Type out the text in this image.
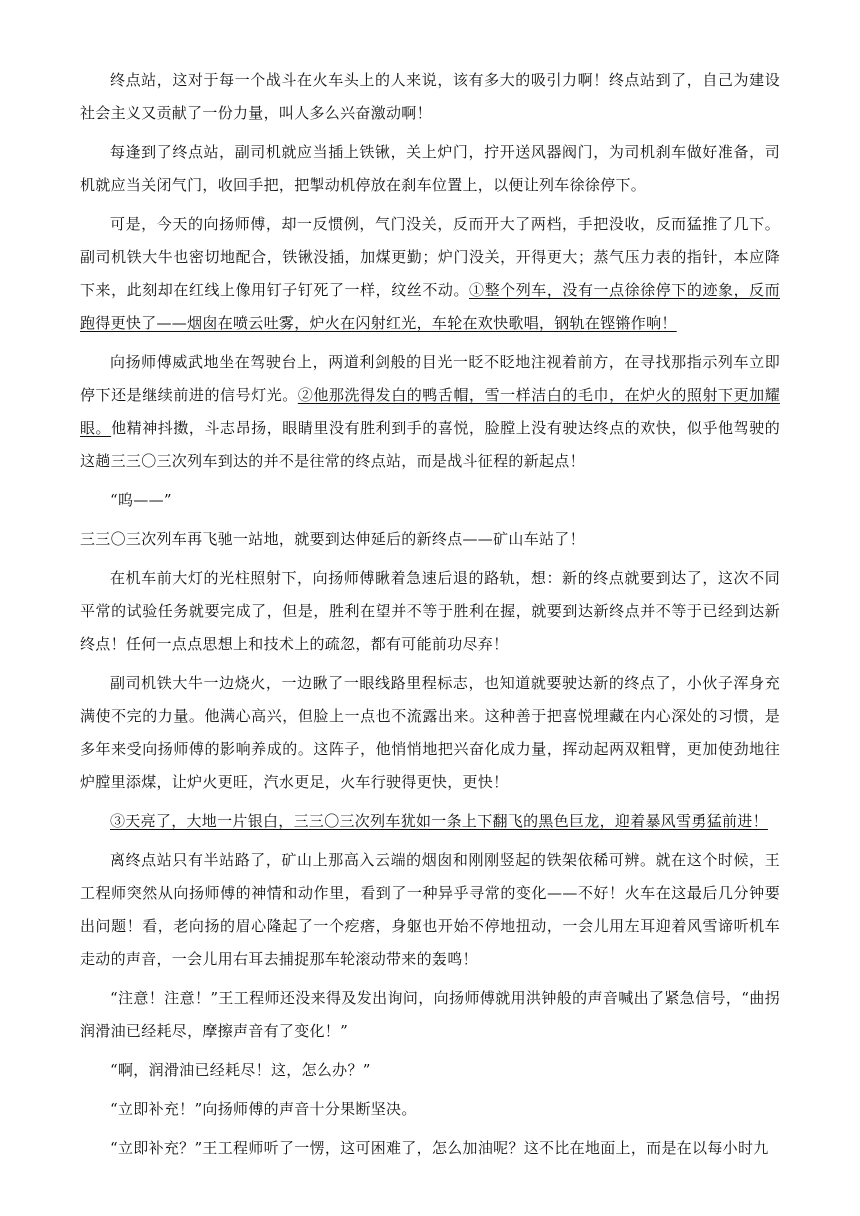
终点站，这对于每一个战斗在火车头上的人来说，该有多大的吸引力啊！终点站到了，自己为建设社会主义又贡献了一份力量，叫人多么兴奋激动啊！

每逢到了终点站，副司机就应当插上铁锹，关上炉门，拧开送风器阀门，为司机刹车做好准备，司机就应当关闭气门，收回手把，把掣动机停放在刹车位置上，以便让列车徐徐停下。

可是，今天的向扬师傅，却一反惯例，气门没关，反而开大了两档，手把没收，反而猛推了几下。副司机铁大牛也密切地配合，铁锹没插，加煤更勤；炉门没关，开得更大；蒸气压力表的指针，本应降下来，此刻却在红线上像用钉子钉死了一样，纹丝不动。①整个列车，没有一点徐徐停下的迹象，反而跑得更快了——烟囱在喷云吐雾，炉火在闪射红光，车轮在欢快歌唱，钢轨在铿锵作响！

向扬师傅威武地坐在驾驶台上，两道利剑般的目光一眨不眨地注视着前方，在寻找那指示列车立即停下还是继续前进的信号灯光。②他那洗得发白的鸭舌帽，雪一样洁白的毛巾，在炉火的照射下更加耀眼。他精神抖擞，斗志昂扬，眼睛里没有胜利到手的喜悦，脸膛上没有驶达终点的欢快，似乎他驾驶的这趟三三〇三次列车到达的并不是往常的终点站，而是战斗征程的新起点！

“呜——”

三三〇三次列车再飞驰一站地，就要到达伸延后的新终点——矿山车站了！

在机车前大灯的光柱照射下，向扬师傅瞅着急速后退的路轨，想：新的终点就要到达了，这次不同平常的试验任务就要完成了，但是，胜利在望并不等于胜利在握，就要到达新终点并不等于已经到达新终点！任何一点点思想上和技术上的疏忽，都有可能前功尽弃！

副司机铁大牛一边烧火，一边瞅了一眼线路里程标志，也知道就要驶达新的终点了，小伙子浑身充满使不完的力量。他满心高兴，但脸上一点也不流露出来。这种善于把喜悦埋藏在内心深处的习惯，是多年来受向扬师傅的影响养成的。这阵子，他悄悄地把兴奋化成力量，挥动起两双粗臂，更加使劲地往炉膛里添煤，让炉火更旺，汽水更足，火车行驶得更快，更快！

③天亮了，大地一片银白，三三〇三次列车犹如一条上下翻飞的黑色巨龙，迎着暴风雪勇猛前进！

离终点站只有半站路了，矿山上那高入云端的烟囱和刚刚竖起的铁架依稀可辨。就在这个时候，王工程师突然从向扬师傅的神情和动作里，看到了一种异乎寻常的变化——不好！火车在这最后几分钟要出问题！看，老向扬的眉心隆起了一个疙瘩，身躯也开始不停地扭动，一会儿用左耳迎着风雪谛听机车走动的声音，一会儿用右耳去捕捉那车轮滚动带来的轰鸣！

“注意！注意！”王工程师还没来得及发出询问，向扬师傅就用洪钟般的声音喊出了紧急信号，“曲拐润滑油已经耗尽，摩擦声音有了变化！”

“啊，润滑油已经耗尽！这，怎么办？”

“立即补充！”向扬师傅的声音十分果断坚决。

“立即补充？”王工程师听了一愣，这可困难了，怎么加油呢？这不比在地面上，而是在以每小时九
